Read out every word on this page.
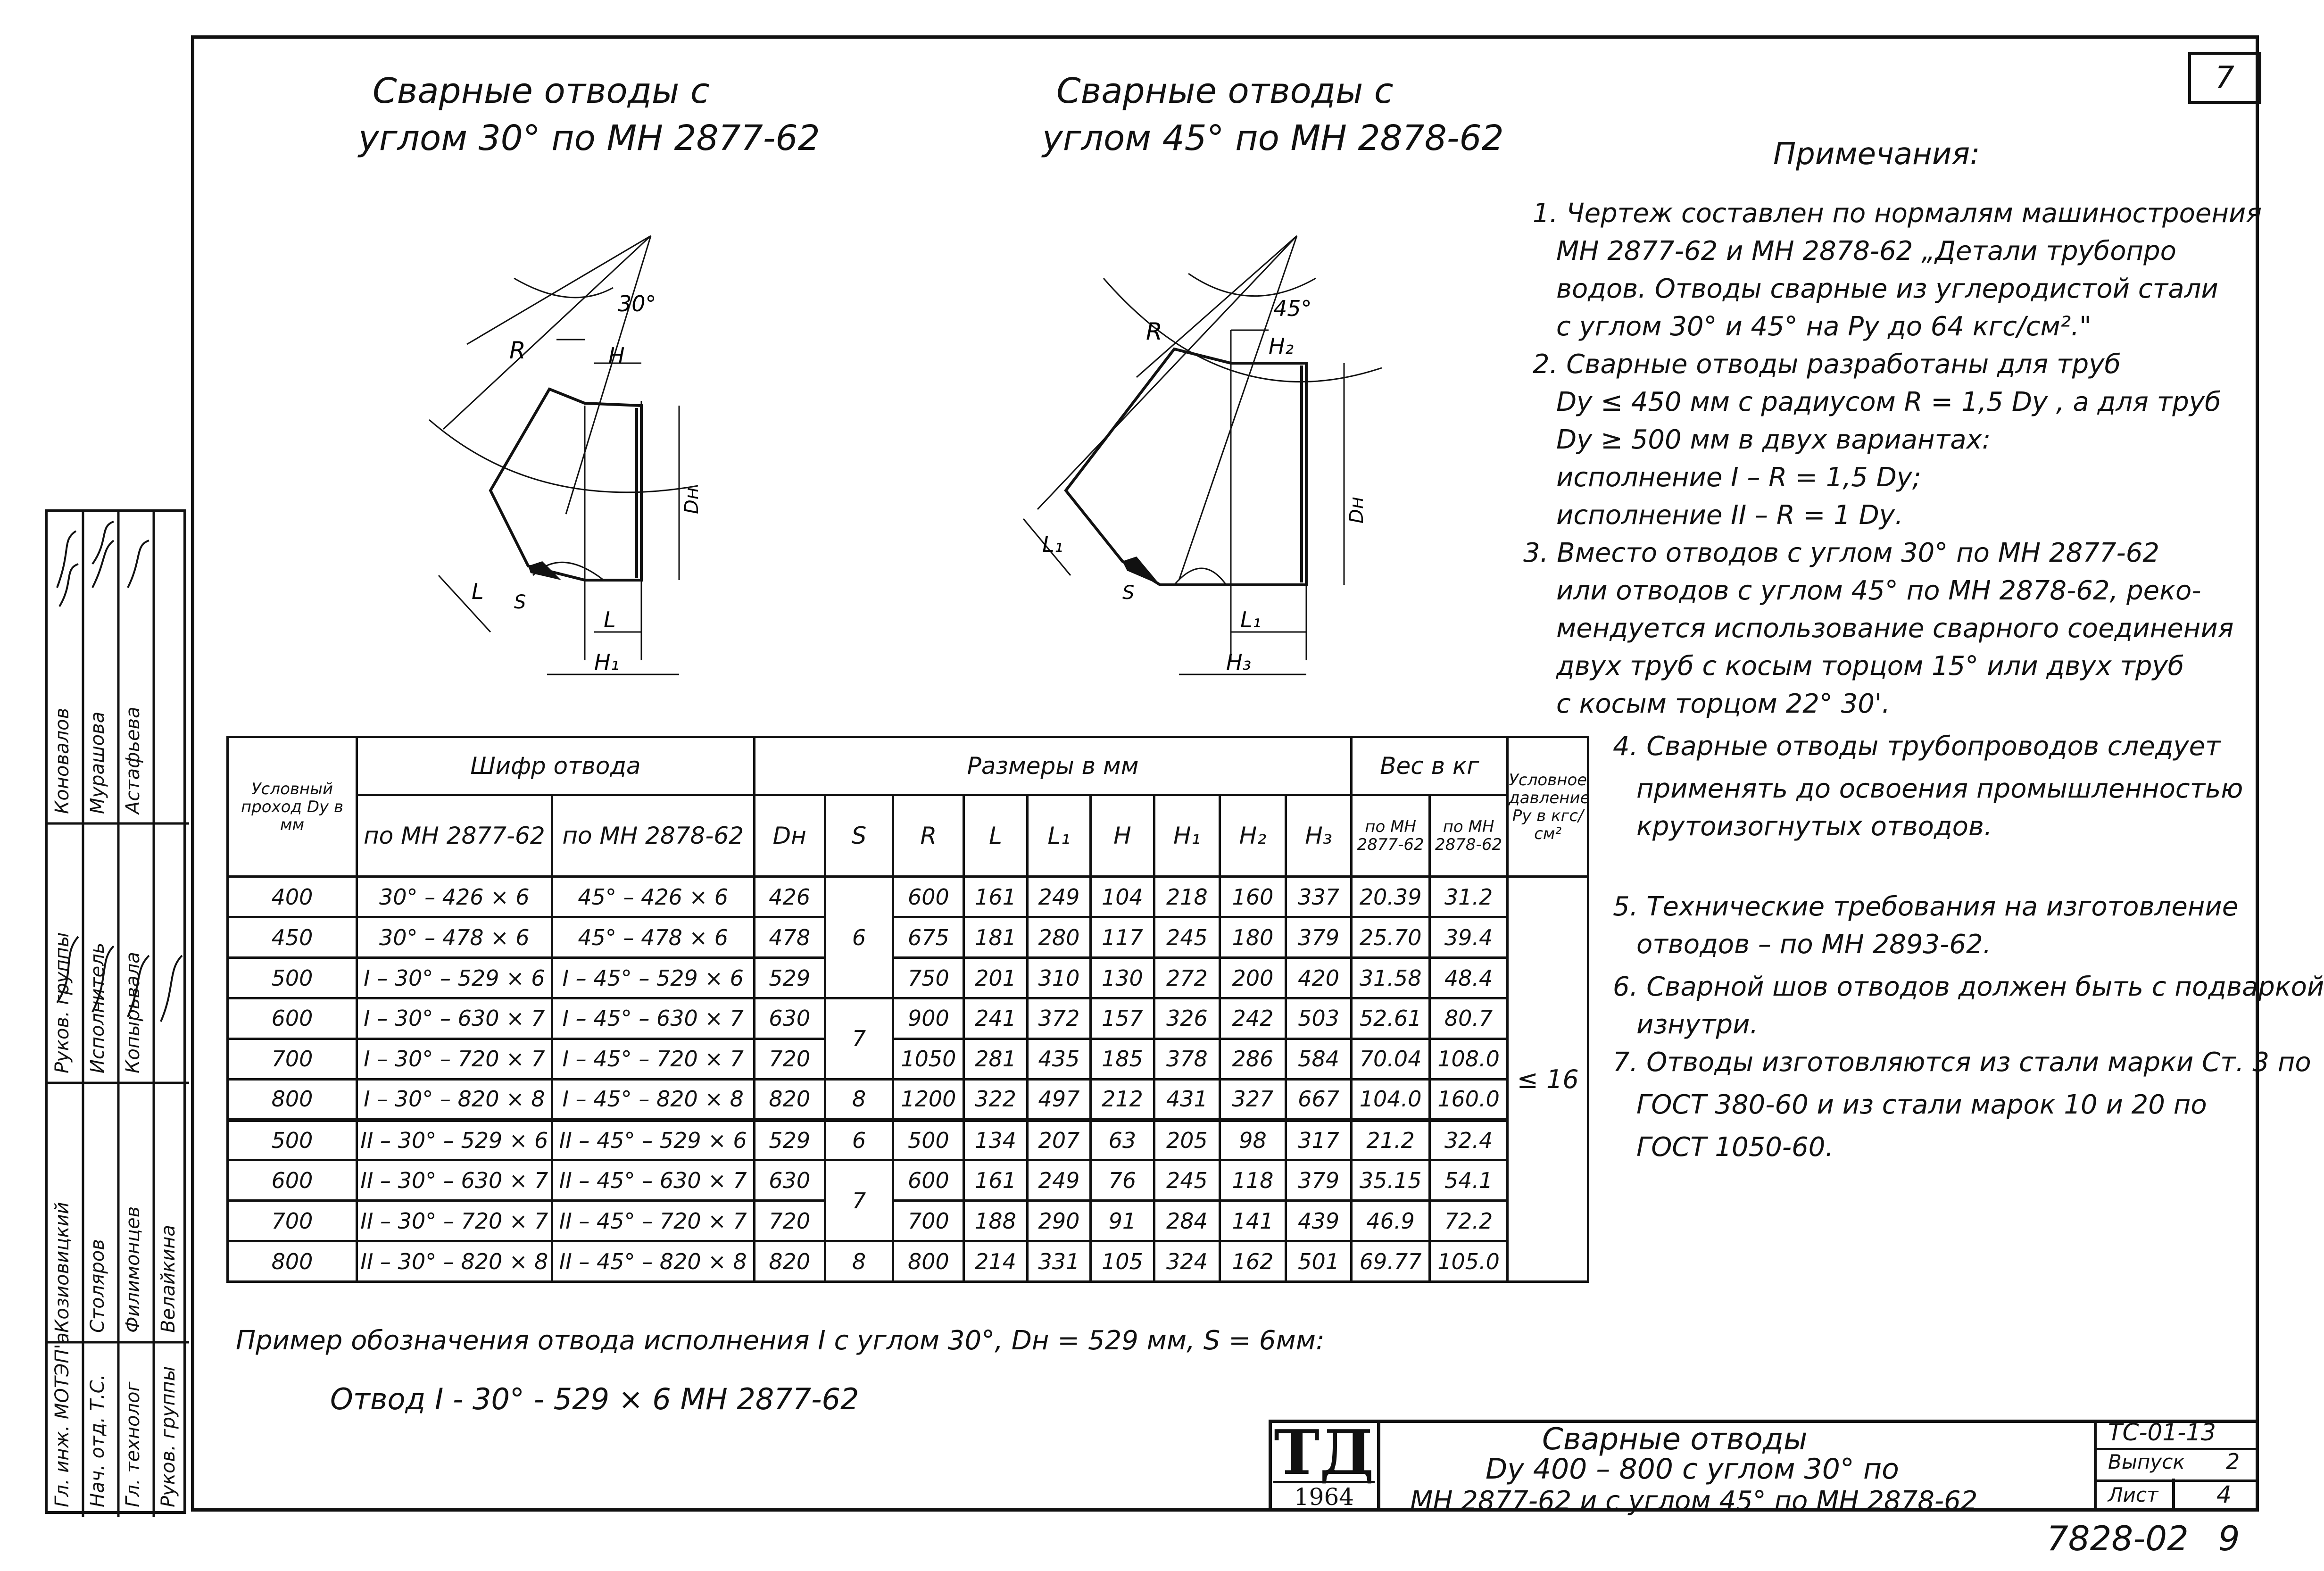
7
Сварные отводы с
углом 30° по МН 2877-62
Сварные отводы с
углом 45° по МН 2878-62
30°
R	H
L
H₁
L S
Dн
45°
R
H₂
L₁
H₃
L₁
S
Dн
Примечания:
1. Чертеж составлен по нормалям машиностроения
МН 2877-62 и МН 2878-62 „Детали трубопро
водов. Отводы сварные из углеродистой стали
с углом 30° и 45° на Ру до 64 кгс/см²."
2. Сварные отводы разработаны для труб
Dу ≤ 450 мм с радиусом R = 1,5 Dу , а для труб
Dу ≥ 500 мм в двух вариантах:
исполнение I – R = 1,5 Dу;
исполнение II – R = 1 Dу.
3. Вместо отводов с углом 30° по МН 2877-62
или отводов с углом 45° по МН 2878-62, реко-
мендуется использование сварного соединения
двух труб с косым торцом 15° или двух труб
с косым торцом 22° 30'.
4. Сварные отводы трубопроводов следует
применять до освоения промышленностью
крутоизогнутых отводов.
5. Технические требования на изготовление
отводов – по МН 2893-62.
6. Сварной шов отводов должен быть с подваркой
изнутри.
7. Отводы изготовляются из стали марки Ст. 3 по
ГОСТ 380-60 и из стали марок 10 и 20 по
ГОСТ 1050-60.
Условный проход Dу в мм	Шифр отвода		Размеры в мм									Вес в кг		Условное давление Ру в кгс/см²
	по МН 2877-62	по МН 2878-62	Dн	S	R	L	L₁	H	H₁	H₂	H₃	по МН 2877-62	по МН 2878-62	
400	30° – 426 × 6	45° – 426 × 6	426	6	600	161	249	104	218	160	337	20.39	31.2	≤ 16
450	30° – 478 × 6	45° – 478 × 6	478		675	181	280	117	245	180	379	25.70	39.4	
500	I – 30° – 529 × 6	I – 45° – 529 × 6	529		750	201	310	130	272	200	420	31.58	48.4	
600	I – 30° – 630 × 7	I – 45° – 630 × 7	630	7	900	241	372	157	326	242	503	52.61	80.7	
700	I – 30° – 720 × 7	I – 45° – 720 × 7	720		1050	281	435	185	378	286	584	70.04	108.0	
800	I – 30° – 820 × 8	I – 45° – 820 × 8	820	8	1200	322	497	212	431	327	667	104.0	160.0	
500	II – 30° – 529 × 6	II – 45° – 529 × 6	529	6	500	134	207	63	205	98	317	21.2	32.4	
600	II – 30° – 630 × 7	II – 45° – 630 × 7	630	7	600	161	249	76	245	118	379	35.15	54.1	
700	II – 30° – 720 × 7	II – 45° – 720 × 7	720		700	188	290	91	284	141	439	46.9	72.2	
800	II – 30° – 820 × 8	II – 45° – 820 × 8	820	8	800	214	331	105	324	162	501	69.77	105.0	
Пример обозначения отвода исполнения I с углом 30°, Dн = 529 мм, S = 6мм:
Отвод I - 30° - 529 × 6 МН 2877-62
Гл. инж. МОТЭП'а Нач. отд. Т.С. Гл. технолог Руков. группы
Козиовицкий Столяров Филимонцев Велайкина
Руков. группы Исполнитель Копырьвала
Коновалов Мурашова Астафьева
ТД
1964
Сварные отводы
Dу 400 – 800 с углом 30° по
МН 2877-62 и с углом 45° по МН 2878-62
ТС-01-13
Выпуск 2
Лист 4
7828-02 9
